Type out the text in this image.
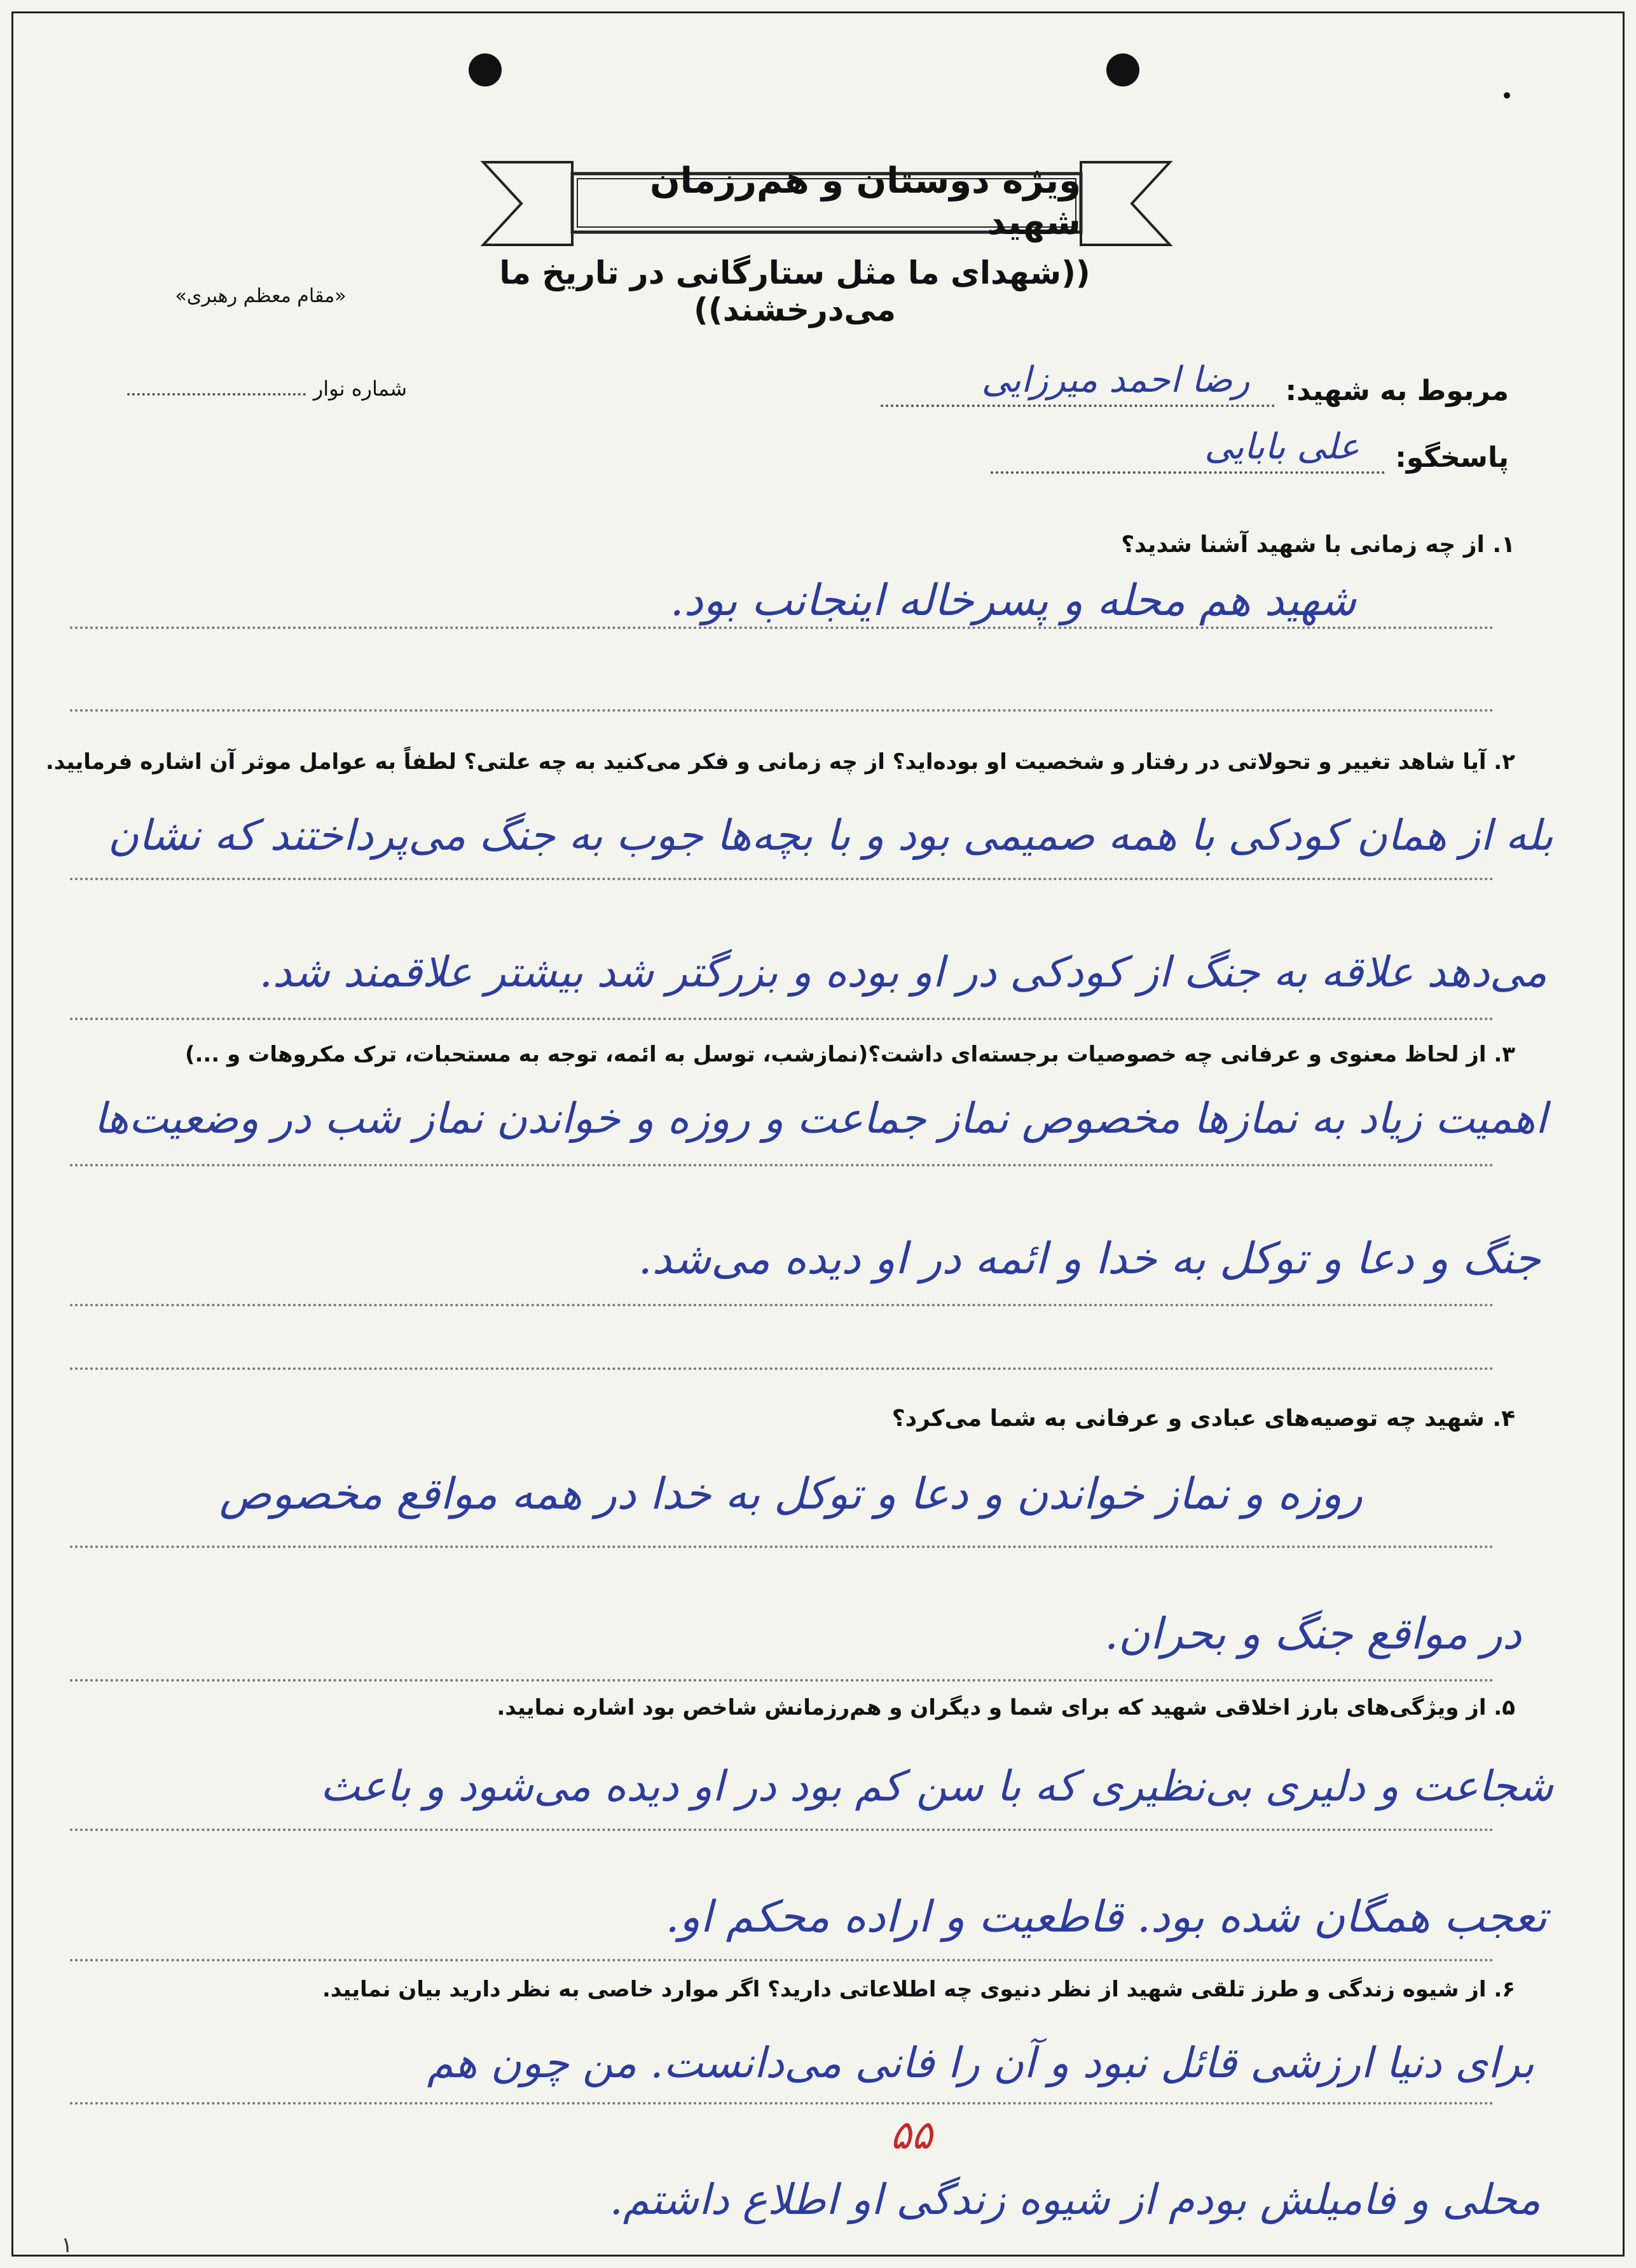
ویژه دوستان و هم‌رزمان شهید
((شهدای ما مثل ستارگانی در تاریخ ما می‌درخشند))
«مقام معظم رهبری»
شماره نوار	مربوط به شهید:
رضا احمد میرزایی
پاسخگو:
علی بابایی
۱. از چه زمانی با شهید آشنا شدید؟
شهید هم محله و پسرخاله اینجانب بود.
۲. آیا شاهد تغییر و تحولاتی در رفتار و شخصیت او بوده‌اید؟ از چه زمانی و فکر می‌کنید به چه علتی؟ لطفاً به عوامل موثر آن اشاره فرمایید.
بله از همان کودکی با همه صمیمی بود و با بچه‌ها جوب به جنگ می‌پرداختند که نشان
می‌دهد علاقه به جنگ از کودکی در او بوده و بزرگتر شد بیشتر علاقمند شد.
۳. از لحاظ معنوی و عرفانی چه خصوصیات برجسته‌ای داشت؟(نمازشب، توسل به ائمه، توجه به مستحبات، ترک مکروهات و ...)
اهمیت زیاد به نمازها مخصوص نماز جماعت و روزه و خواندن نماز شب در وضعیت‌ها
جنگ و دعا و توکل به خدا و ائمه در او دیده می‌شد.
۴. شهید چه توصیه‌های عبادی و عرفانی به شما می‌کرد؟
روزه و نماز خواندن و دعا و توکل به خدا در همه مواقع مخصوص
در مواقع جنگ و بحران.
۵. از ویژگی‌های بارز اخلاقی شهید که برای شما و دیگران و هم‌رزمانش شاخص بود اشاره نمایید.
شجاعت و دلیری بی‌نظیری که با سن کم بود در او دیده می‌شود و باعث
تعجب همگان شده بود. قاطعیت و اراده محکم او.
۶. از شیوه زندگی و طرز تلقی شهید از نظر دنیوی چه اطلاعاتی دارید؟ اگر موارد خاصی به نظر دارید بیان نمایید.
برای دنیا ارزشی قائل نبود و آن را فانی می‌دانست. من چون هم
محلی و فامیلش بودم از شیوه زندگی او اطلاع داشتم.
۵۵
١
